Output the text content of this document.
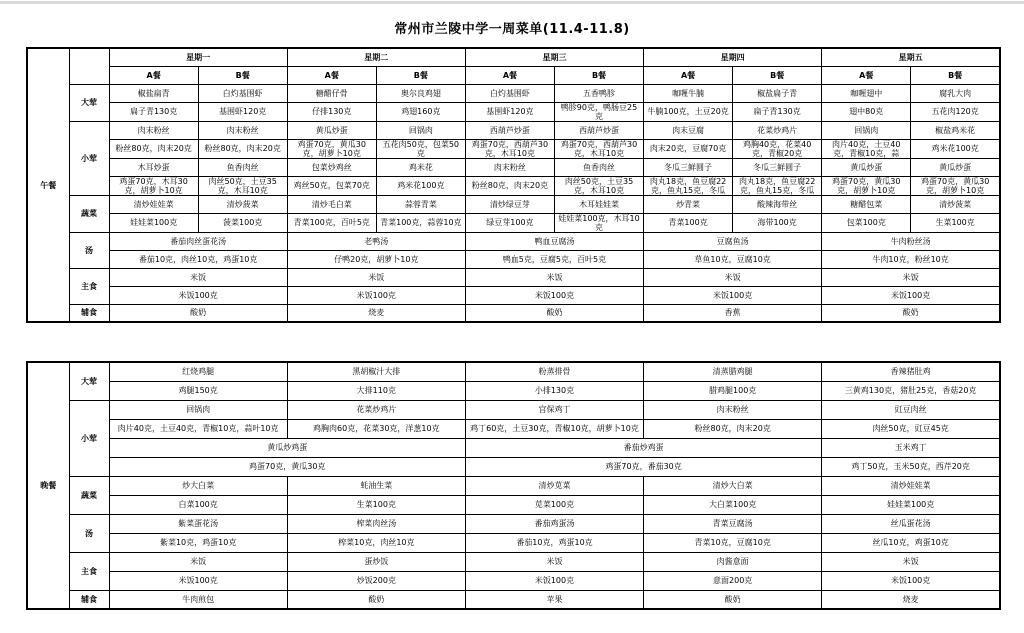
常州市兰陵中学一周菜单(11.4-11.8)
午餐		星期一		星期二		星期三		星期四		星期五	
		A餐	B餐	A餐	B餐	A餐	B餐	A餐	B餐	A餐	B餐
	大荤	椒盐扁青	白灼基围虾	糖醋仔骨	奥尔良鸡翅	白灼基围虾	五香鸭胗	咖喱牛腩	椒盐扁子青	咖喱翅中	腐乳大肉
		扁子青130克	基围虾120克	仔排130克	鸡翅160克	基围虾120克	鸭胗90克，鸭肠豆25克	牛腩100克，土豆20克	扁子青130克	翅中80克	五花肉120克
	小荤	肉末粉丝	肉末粉丝	黄瓜炒蛋	回锅肉	西葫芦炒蛋	西葫芦炒蛋	肉末豆腐	花菜炒鸡片	回锅肉	椒盐鸡米花
		粉丝80克，肉末20克	粉丝80克，肉末20克	鸡蛋70克，黄瓜30克，胡萝卜10克	五花肉50克，包菜50克	鸡蛋70克，西葫芦30克，木耳10克	鸡蛋70克，西葫芦30克，木耳10克	肉末20克，豆腐70克	鸡胸40克，花菜40克，青椒20克	肉片40克，土豆40克，青椒10克，蒜	鸡米花100克
		木耳炒蛋	鱼香肉丝	包菜炒鸡丝	鸡米花	肉末粉丝	鱼香肉丝	冬瓜三鲜圆子	冬瓜三鲜圆子	黄瓜炒蛋	黄瓜炒蛋
		鸡蛋70克，木耳30克，胡萝卜10克	肉丝50克，土豆35克，木耳10克	鸡丝50克，包菜70克	鸡米花100克	粉丝80克，肉末20克	肉丝50克，土豆35克，木耳10克	肉丸18克，鱼豆腐22克，鱼丸15克，冬瓜	肉丸18克，鱼豆腐22克，鱼丸15克，冬瓜	鸡蛋70克，黄瓜30克，胡萝卜10克	鸡蛋70克，黄瓜30克，胡萝卜10克
	蔬菜	清炒娃娃菜	清炒菠菜	清炒毛白菜	蒜蓉青菜	清炒绿豆芽	木耳娃娃菜	炒青菜	酸辣海带丝	糖醋包菜	清炒菠菜
		娃娃菜100克	菠菜100克	青菜100克，百叶5克	青菜100克，蒜蓉10克	绿豆芽100克	娃娃菜100克，木耳10克	青菜100克	海带100克	包菜100克	生菜100克
	汤	番茄肉丝蛋花汤		老鸭汤		鸭血豆腐汤		豆腐鱼汤		牛肉粉丝汤	
		番茄10克，肉丝10克，鸡蛋10克		仔鸭20克，胡萝卜10克		鸭血5克，豆腐5克，百叶5克		草鱼10克，豆腐10克		牛肉10克，粉丝10克	
	主食	米饭		米饭		米饭		米饭		米饭	
		米饭100克		米饭100克		米饭100克		米饭100克		米饭100克	
	辅食	酸奶		烧麦		酸奶		香蕉		酸奶	
晚餐	大荤	红烧鸡腿	黑胡椒汁大排	粉蒸排骨	清蒸腊鸡腿	香辣猪肚鸡
		鸡腿150克	大排110克	小排130克	腊鸡腿100克	三黄鸡130克，猪肚25克，香菇20克
	小荤	回锅肉	花菜炒鸡片	宫保鸡丁	肉末粉丝	豇豆肉丝
		肉片40克，土豆40克，青椒10克，蒜叶10克	鸡胸肉60克，花菜30克，洋葱10克	鸡丁60克，土豆30克，青椒10克，胡萝卜10克	粉丝80克，肉末20克	肉丝50克，豇豆45克
		黄瓜炒鸡蛋		番茄炒鸡蛋		玉米鸡丁
		鸡蛋70克，黄瓜30克		鸡蛋70克，番茄30克		鸡丁50克，玉米50克，西芹20克
	蔬菜	炒大白菜	蚝油生菜	清炒苋菜	清炒大白菜	清炒娃娃菜
		白菜100克	生菜100克	苋菜100克	大白菜100克	娃娃菜100克
	汤	紫菜蛋花汤	榨菜肉丝汤	番茄鸡蛋汤	青菜豆腐汤	丝瓜蛋花汤
		紫菜10克，鸡蛋10克	榨菜10克，肉丝10克	番茄10克，鸡蛋10克	青菜10克，豆腐10克	丝瓜10克，鸡蛋10克
	主食	米饭	蛋炒饭	米饭	肉酱意面	米饭
		米饭100克	炒饭200克	米饭100克	意面200克	米饭100克
	辅食	牛肉煎包	酸奶	苹果	酸奶	烧麦
